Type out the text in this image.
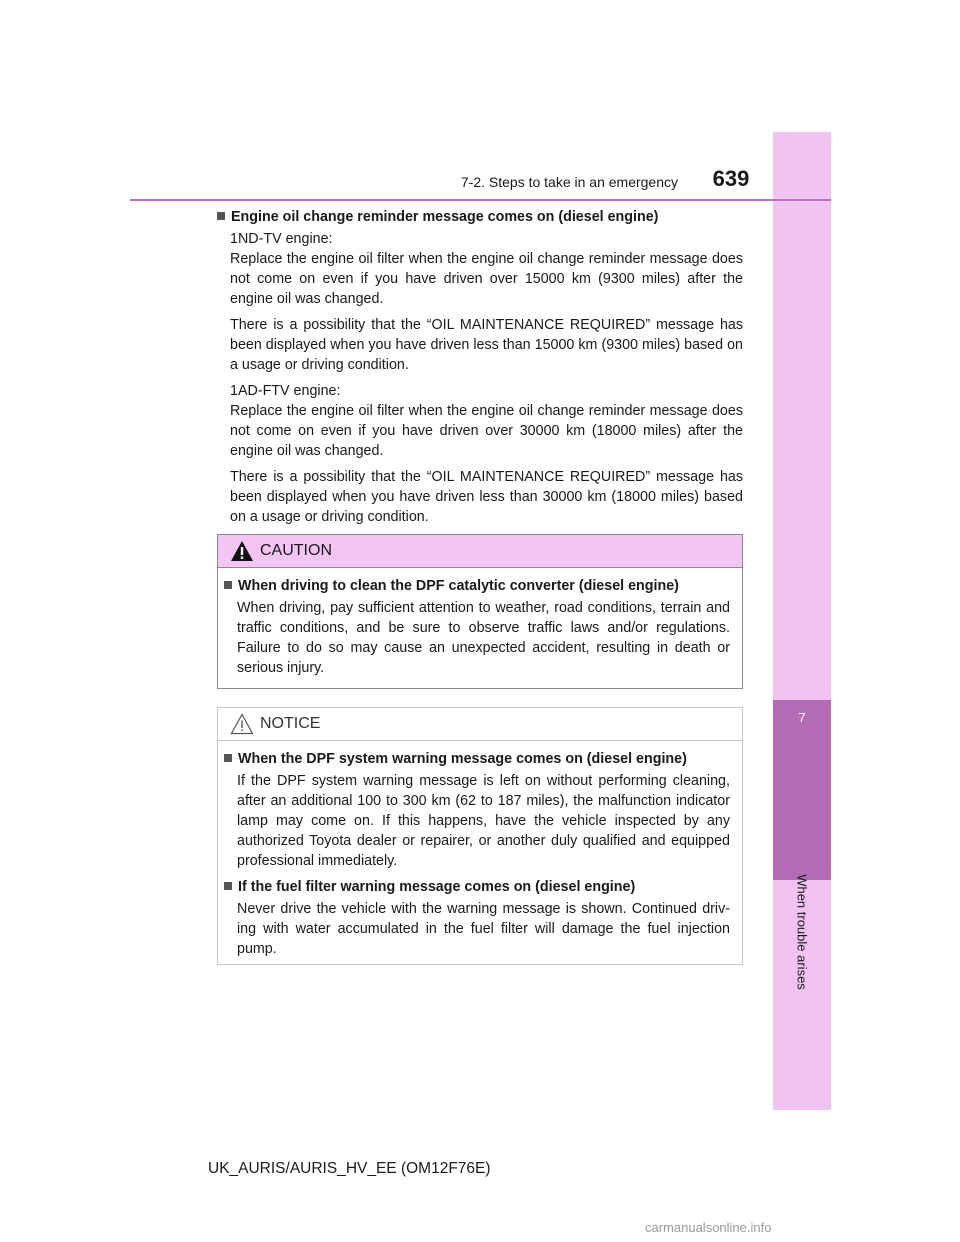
7
When trouble arises
7-2. Steps to take in an emergency	639
Engine oil change reminder message comes on (diesel engine)
1ND-TV engine:
Replace the engine oil filter when the engine oil change reminder message does not come on even if you have driven over 15000 km (9300 miles) after the engine oil was changed.
There is a possibility that the “OIL MAINTENANCE REQUIRED” message has been displayed when you have driven less than 15000 km (9300 miles) based on a usage or driving condition.
1AD-FTV engine:
Replace the engine oil filter when the engine oil change reminder message does not come on even if you have driven over 30000 km (18000 miles) after the engine oil was changed.
There is a possibility that the “OIL MAINTENANCE REQUIRED” message has been displayed when you have driven less than 30000 km (18000 miles) based on a usage or driving condition.
CAUTION
When driving to clean the DPF catalytic converter (diesel engine)
When driving, pay sufficient attention to weather, road conditions, terrain and traffic conditions, and be sure to observe traffic laws and/or regulations. Failure to do so may cause an unexpected accident, resulting in death or serious injury.
NOTICE
When the DPF system warning message comes on (diesel engine)
If the DPF system warning message is left on without performing cleaning, after an additional 100 to 300 km (62 to 187 miles), the malfunction indicator lamp may come on. If this happens, have the vehicle inspected by any authorized Toyota dealer or repairer, or another duly qualified and equipped professional immediately.
If the fuel filter warning message comes on (diesel engine)
Never drive the vehicle with the warning message is shown. Continued driv-ing with water accumulated in the fuel filter will damage the fuel injection pump.
UK_AURIS/AURIS_HV_EE (OM12F76E)
carmanualsonline.info
